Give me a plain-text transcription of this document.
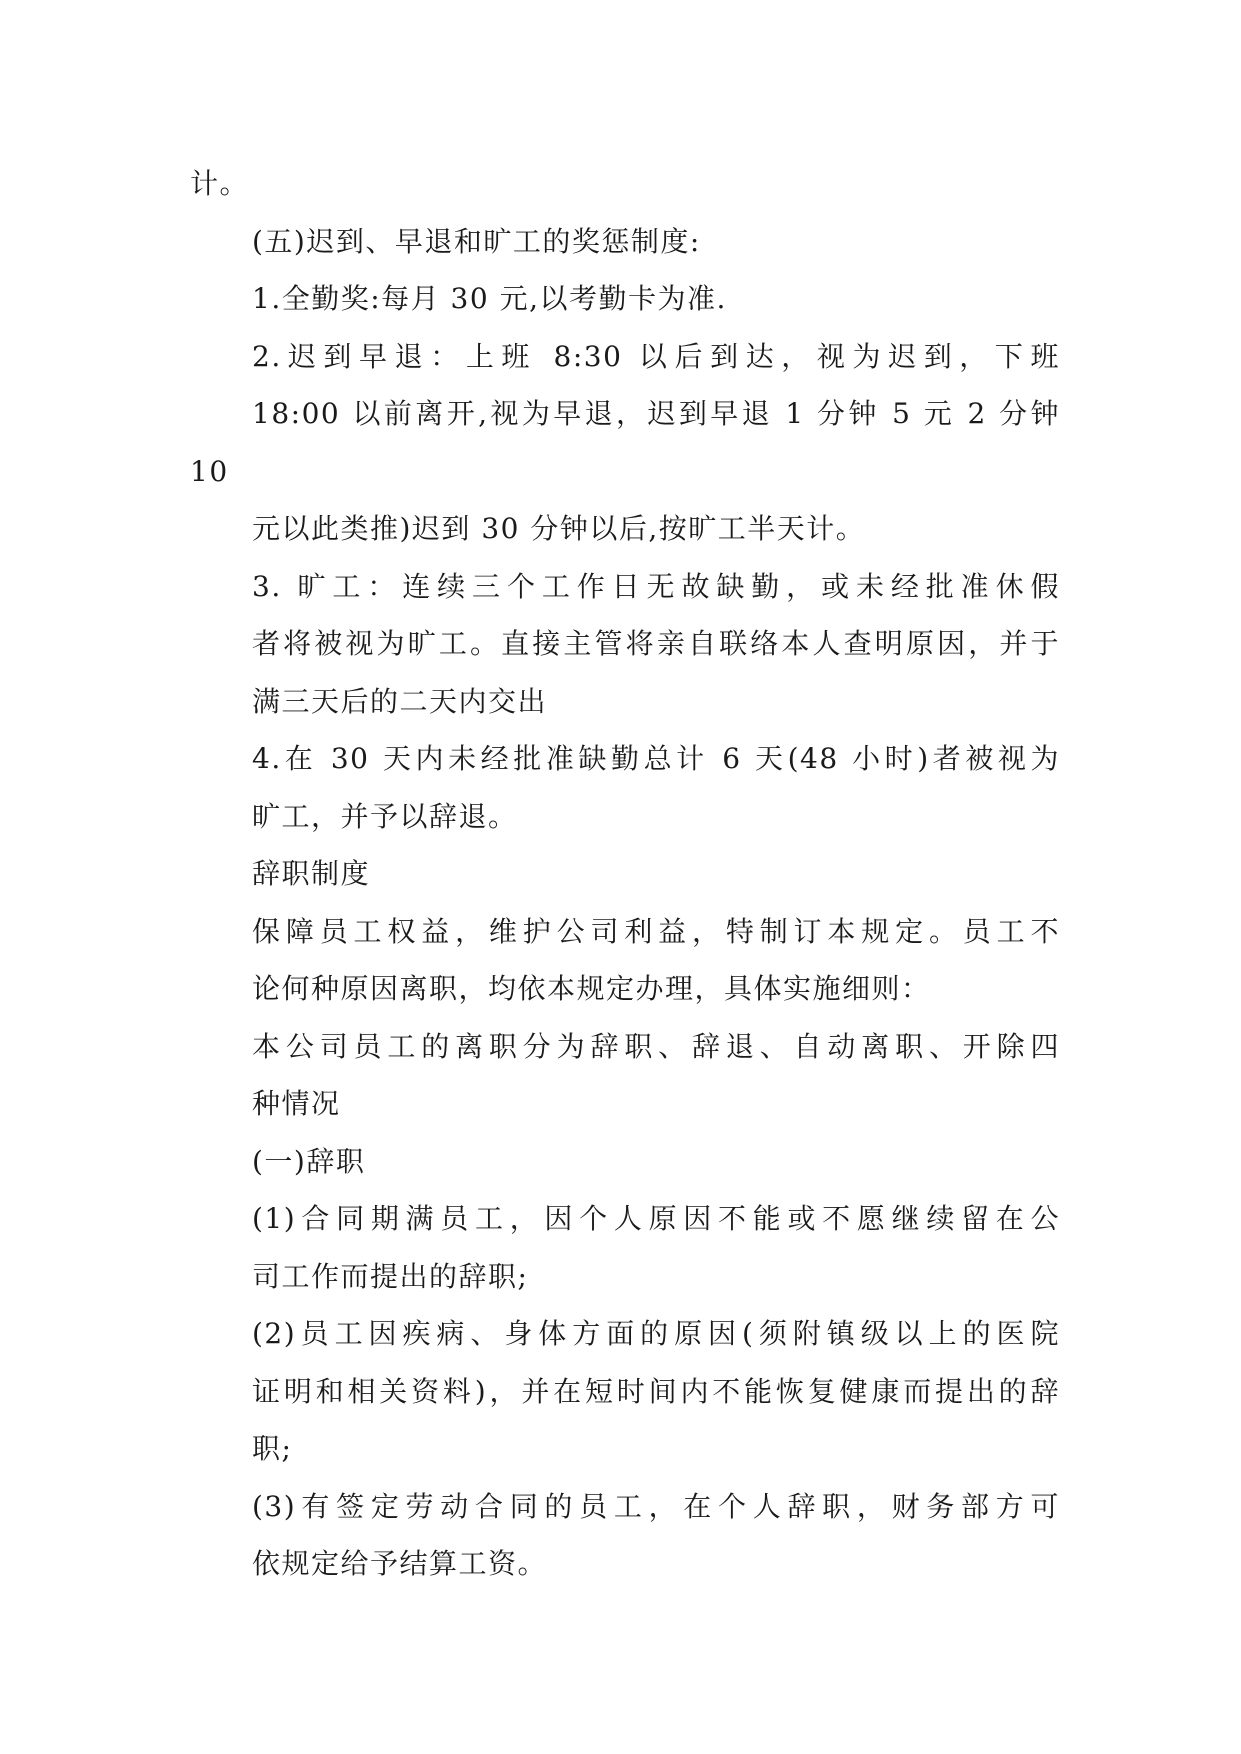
计。
(五)迟到、早退和旷工的奖惩制度:
1.全勤奖:每月 30 元,以考勤卡为准.
2.迟到早退：上班 8:30 以后到达，视为迟到，下班
18:00 以前离开,视为早退，迟到早退 1 分钟 5 元 2 分钟 10
元以此类推)迟到 30 分钟以后,按旷工半天计。
3. 旷工：连续三个工作日无故缺勤，或未经批准休假
者将被视为旷工。直接主管将亲自联络本人查明原因，并于
满三天后的二天内交出
4.在 30 天内未经批准缺勤总计 6 天(48 小时)者被视为
旷工，并予以辞退。
辞职制度
保障员工权益，维护公司利益，特制订本规定。员工不
论何种原因离职，均依本规定办理，具体实施细则：
本公司员工的离职分为辞职、辞退、自动离职、开除四
种情况
(一)辞职
(1)合同期满员工，因个人原因不能或不愿继续留在公
司工作而提出的辞职;
(2)员工因疾病、身体方面的原因(须附镇级以上的医院
证明和相关资料)，并在短时间内不能恢复健康而提出的辞
职;
(3)有签定劳动合同的员工，在个人辞职，财务部方可
依规定给予结算工资。
